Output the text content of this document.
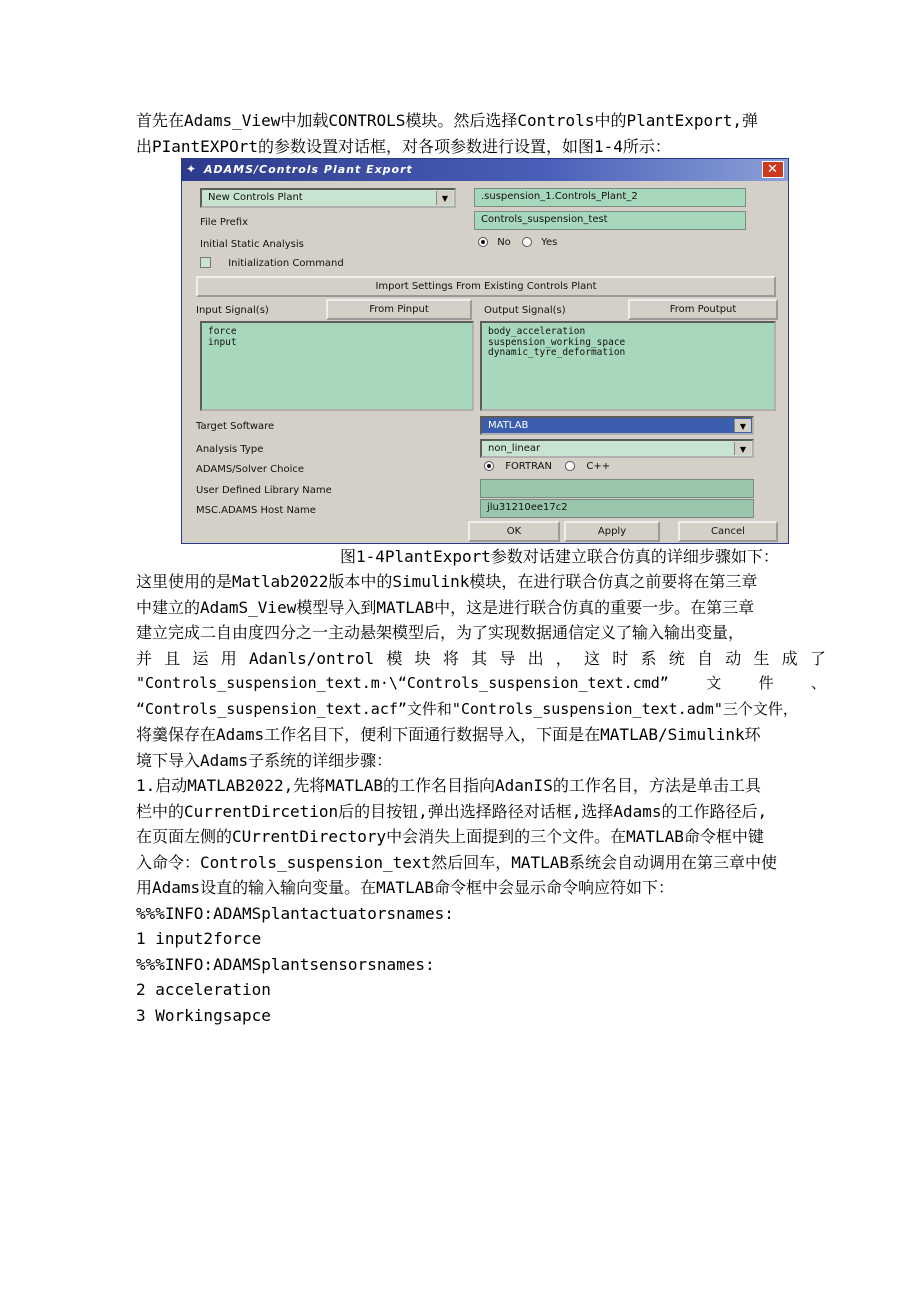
首先在Adams_View中加载CONTROLS模块。然后选择Controls中的PlantExport,弹
出PIantEXPOrt的参数设置对话框，对各项参数进行设置，如图1-4所示：
✦ ADAMS/Controls Plant Export	✕
New Controls Plant	▼	.suspension_1.Controls_Plant_2
File Prefix	Controls_suspension_test
Initial Static Analysis	No	Yes
Initialization Command
Import Settings From Existing Controls Plant
Input Signal(s)	From Pinput	Output Signal(s)	From Poutput
force
input
body_acceleration
suspension_working_space
dynamic_tyre_deformation
Target Software	MATLAB	▼
Analysis Type	non_linear	▼
ADAMS/Solver Choice	FORTRAN	C++
User Defined Library Name
MSC.ADAMS Host Name	jlu31210ee17c2
OK	Apply	Cancel
图1-4PlantExport参数对话建立联合仿真的详细步骤如下：
这里使用的是Matlab2022版本中的Simulink模块，在进行联合仿真之前要将在第三章
中建立的AdamS_View模型导入到MATLAB中，这是进行联合仿真的重要一步。在第三章
建立完成二自由度四分之一主动悬架模型后，为了实现数据通信定义了输入输出变量，
并 且 运 用 Adanls/ontrol 模 块 将 其 导 出 ， 这 时 系 统 自 动 生 成 了
"Controls_suspension_text.m·\“Controls_suspension_text.cmd” 文 件 、
“Controls_suspension_text.acf”文件和"Controls_suspension_text.adm"三个文件，
将羹保存在Adams工作名目下，便利下面通行数据导入，下面是在MATLAB/Simulink环
境下导入Adams子系统的详细步骤：
1.启动MATLAB2022,先将MATLAB的工作名目指向AdanIS的工作名目，方法是单击工具
栏中的CurrentDircetion后的目按钮,弹出选择路径对话框,选择Adams的工作路径后,
在页面左侧的CUrrentDirectory中会消失上面提到的三个文件。在MATLAB命令框中键
入命令：Controls_suspension_text然后回车，MATLAB系统会自动调用在第三章中使
用Adams设直的输入输向变量。在MATLAB命令框中会显示命令响应符如下：
%%%INFO:ADAMSplantactuatorsnames:
1 input2force
%%%INFO:ADAMSplantsensorsnames:
2 acceleration
3 Workingsapce
